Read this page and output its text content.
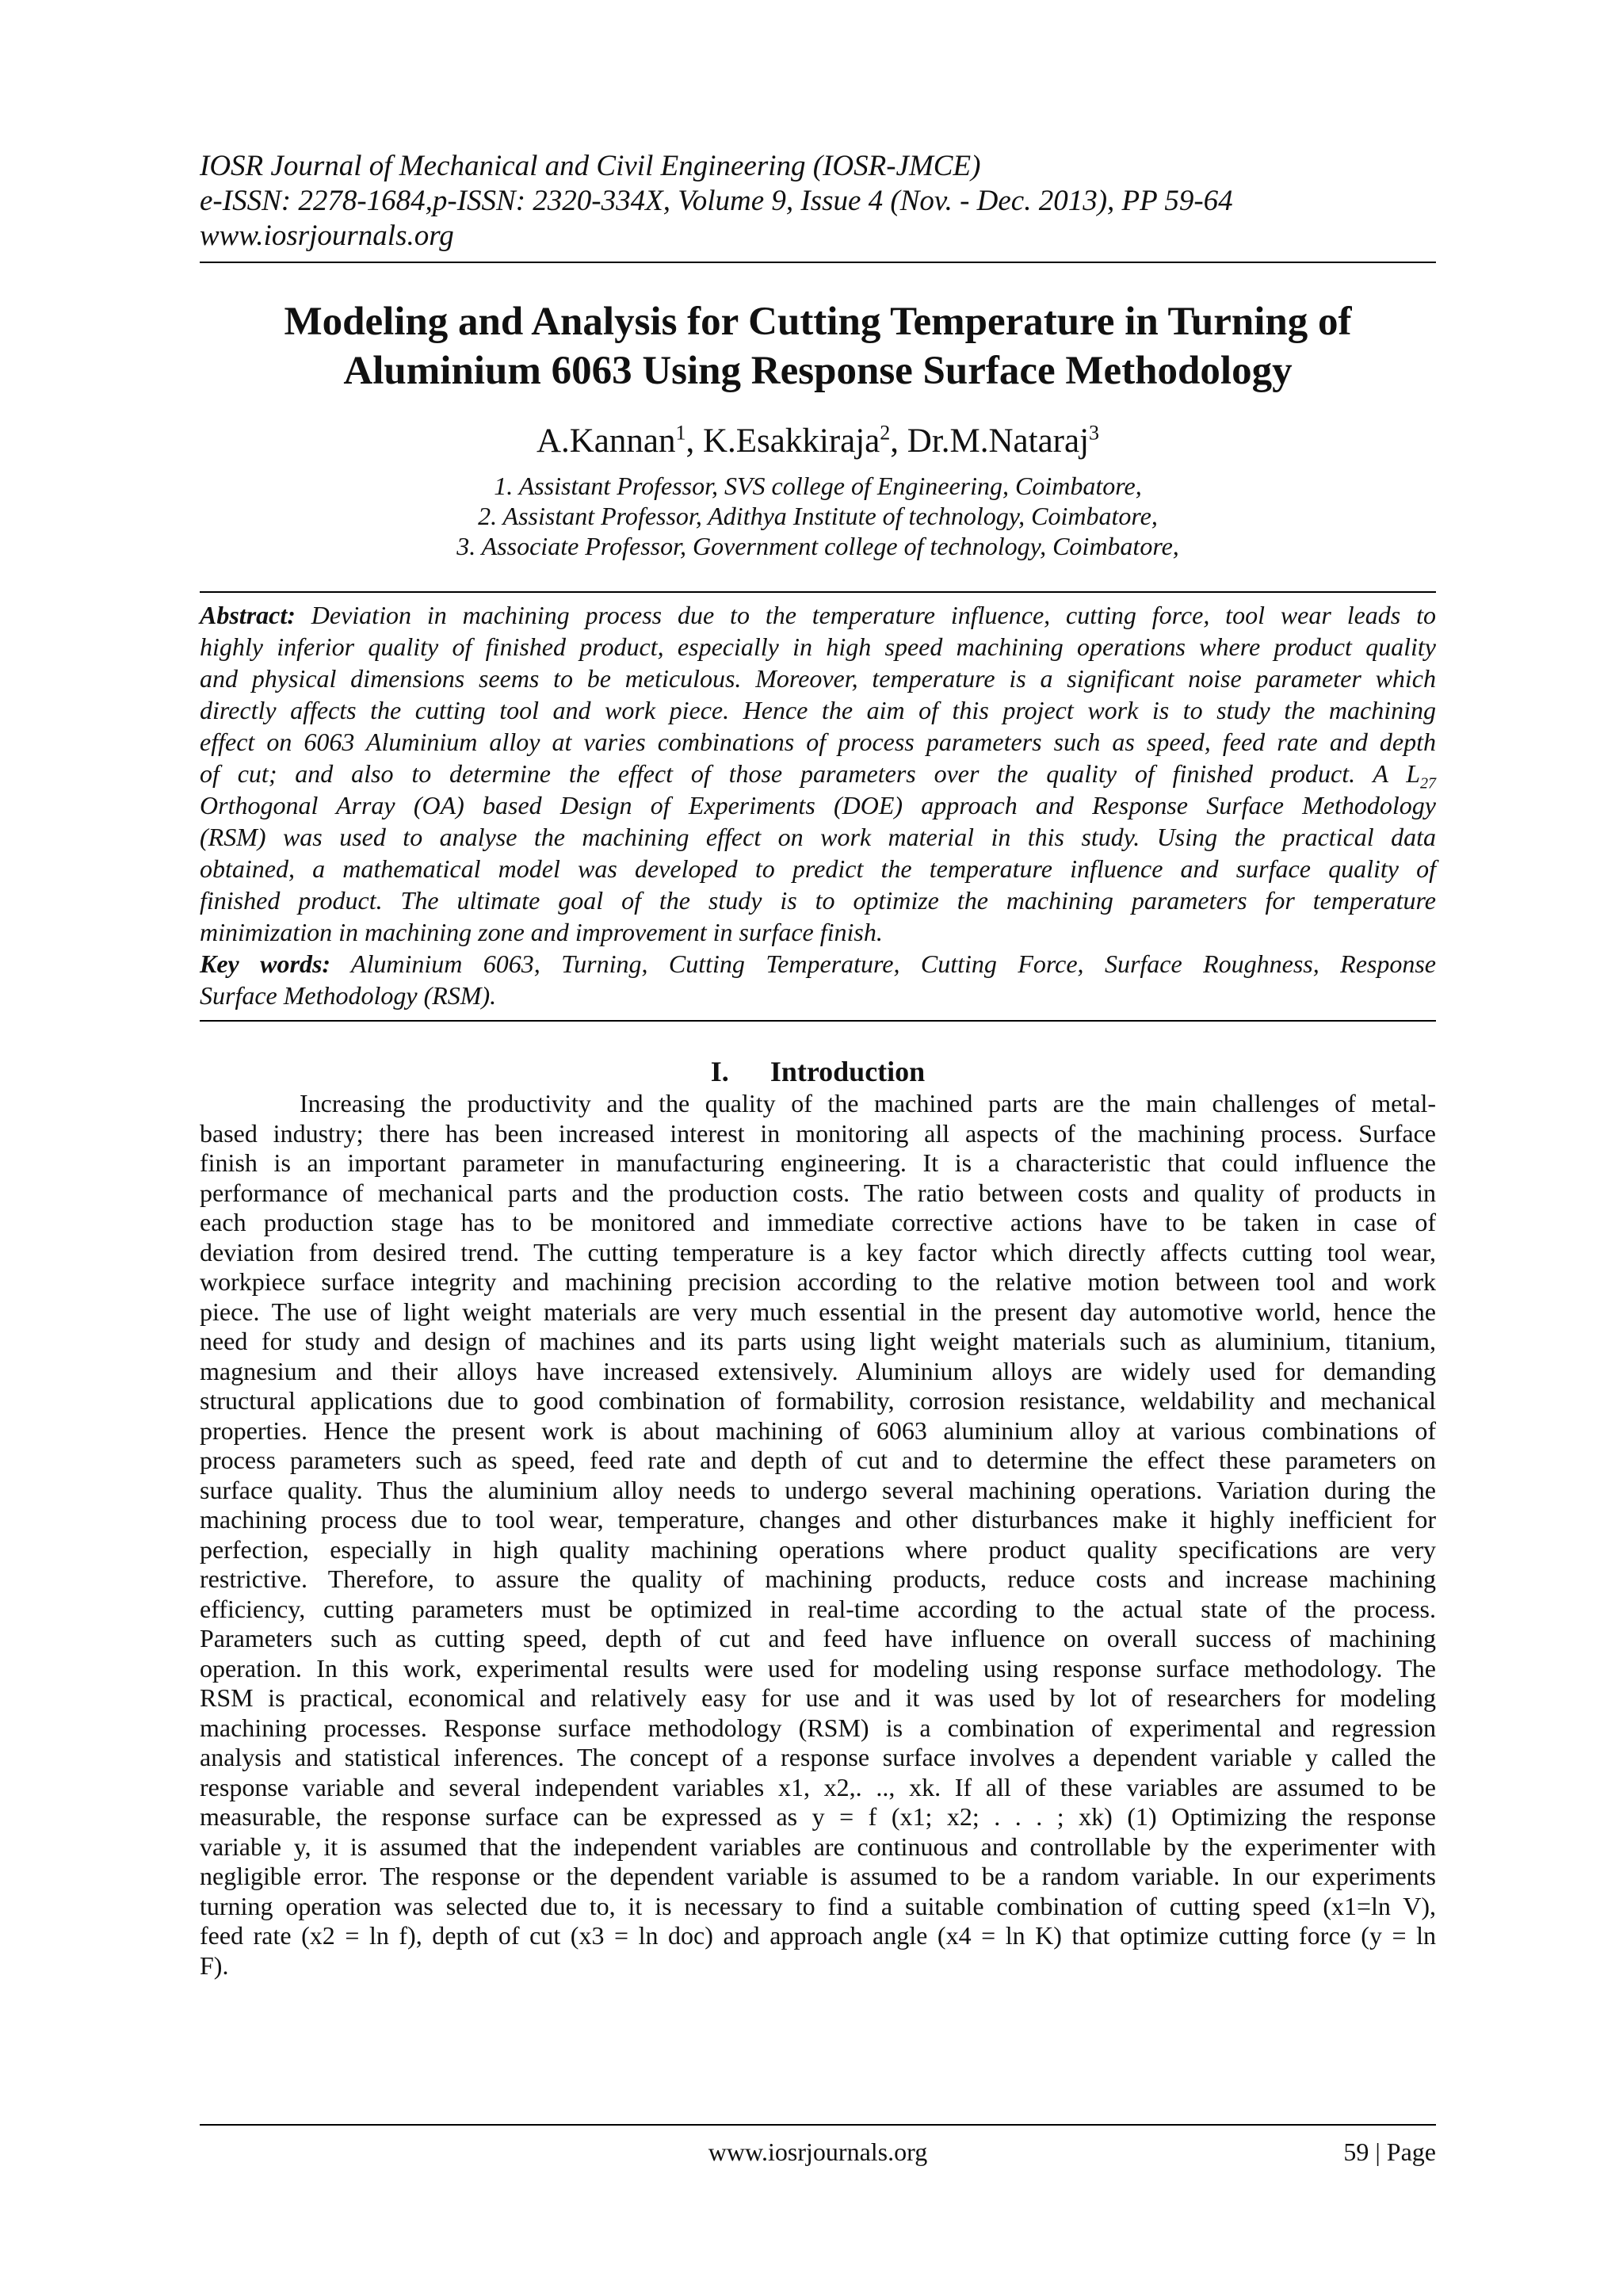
IOSR Journal of Mechanical and Civil Engineering (IOSR-JMCE)
e-ISSN: 2278-1684,p-ISSN: 2320-334X, Volume 9, Issue 4 (Nov. - Dec. 2013), PP 59-64
www.iosrjournals.org
Modeling and Analysis for Cutting Temperature in Turning of
Aluminium 6063 Using Response Surface Methodology
A.Kannan$^1$, K.Esakkiraja$^2$, Dr.M.Nataraj$^3$
1. Assistant Professor, SVS college of Engineering, Coimbatore,
2. Assistant Professor, Adithya Institute of technology, Coimbatore,
3. Associate Professor, Government college of technology, Coimbatore,
Abstract: Deviation in machining process due to the temperature influence, cutting force, tool wear leads to
highly inferior quality of finished product, especially in high speed machining operations where product quality
and physical dimensions seems to be meticulous. Moreover, temperature is a significant noise parameter which
directly affects the cutting tool and work piece. Hence the aim of this project work is to study the machining
effect on 6063 Aluminium alloy at varies combinations of process parameters such as speed, feed rate and depth
of cut; and also to determine the effect of those parameters over the quality of finished product. A $L_{27}$
Orthogonal Array (OA) based Design of Experiments (DOE) approach and Response Surface Methodology
(RSM) was used to analyse the machining effect on work material in this study. Using the practical data
obtained, a mathematical model was developed to predict the temperature influence and surface quality of
finished product. The ultimate goal of the study is to optimize the machining parameters for temperature
minimization in machining zone and improvement in surface finish.
Key words: Aluminium 6063, Turning, Cutting Temperature, Cutting Force, Surface Roughness, Response
Surface Methodology (RSM).
I. Introduction
Increasing the productivity and the quality of the machined parts are the main challenges of metal-
based industry; there has been increased interest in monitoring all aspects of the machining process. Surface
finish is an important parameter in manufacturing engineering. It is a characteristic that could influence the
performance of mechanical parts and the production costs. The ratio between costs and quality of products in
each production stage has to be monitored and immediate corrective actions have to be taken in case of
deviation from desired trend. The cutting temperature is a key factor which directly affects cutting tool wear,
workpiece surface integrity and machining precision according to the relative motion between tool and work
piece. The use of light weight materials are very much essential in the present day automotive world, hence the
need for study and design of machines and its parts using light weight materials such as aluminium, titanium,
magnesium and their alloys have increased extensively. Aluminium alloys are widely used for demanding
structural applications due to good combination of formability, corrosion resistance, weldability and mechanical
properties. Hence the present work is about machining of 6063 aluminium alloy at various combinations of
process parameters such as speed, feed rate and depth of cut and to determine the effect these parameters on
surface quality. Thus the aluminium alloy needs to undergo several machining operations. Variation during the
machining process due to tool wear, temperature, changes and other disturbances make it highly inefficient for
perfection, especially in high quality machining operations where product quality specifications are very
restrictive. Therefore, to assure the quality of machining products, reduce costs and increase machining
efficiency, cutting parameters must be optimized in real-time according to the actual state of the process.
Parameters such as cutting speed, depth of cut and feed have influence on overall success of machining
operation. In this work, experimental results were used for modeling using response surface methodology. The
RSM is practical, economical and relatively easy for use and it was used by lot of researchers for modeling
machining processes. Response surface methodology (RSM) is a combination of experimental and regression
analysis and statistical inferences. The concept of a response surface involves a dependent variable y called the
response variable and several independent variables x1, x2,. .., xk. If all of these variables are assumed to be
measurable, the response surface can be expressed as y = f (x1; x2; . . . ; xk) (1) Optimizing the response
variable y, it is assumed that the independent variables are continuous and controllable by the experimenter with
negligible error. The response or the dependent variable is assumed to be a random variable. In our experiments
turning operation was selected due to, it is necessary to find a suitable combination of cutting speed (x1=ln V),
feed rate (x2 = ln f), depth of cut (x3 = ln doc) and approach angle (x4 = ln K) that optimize cutting force (y = ln
F).
www.iosrjournals.org	59 | Page
